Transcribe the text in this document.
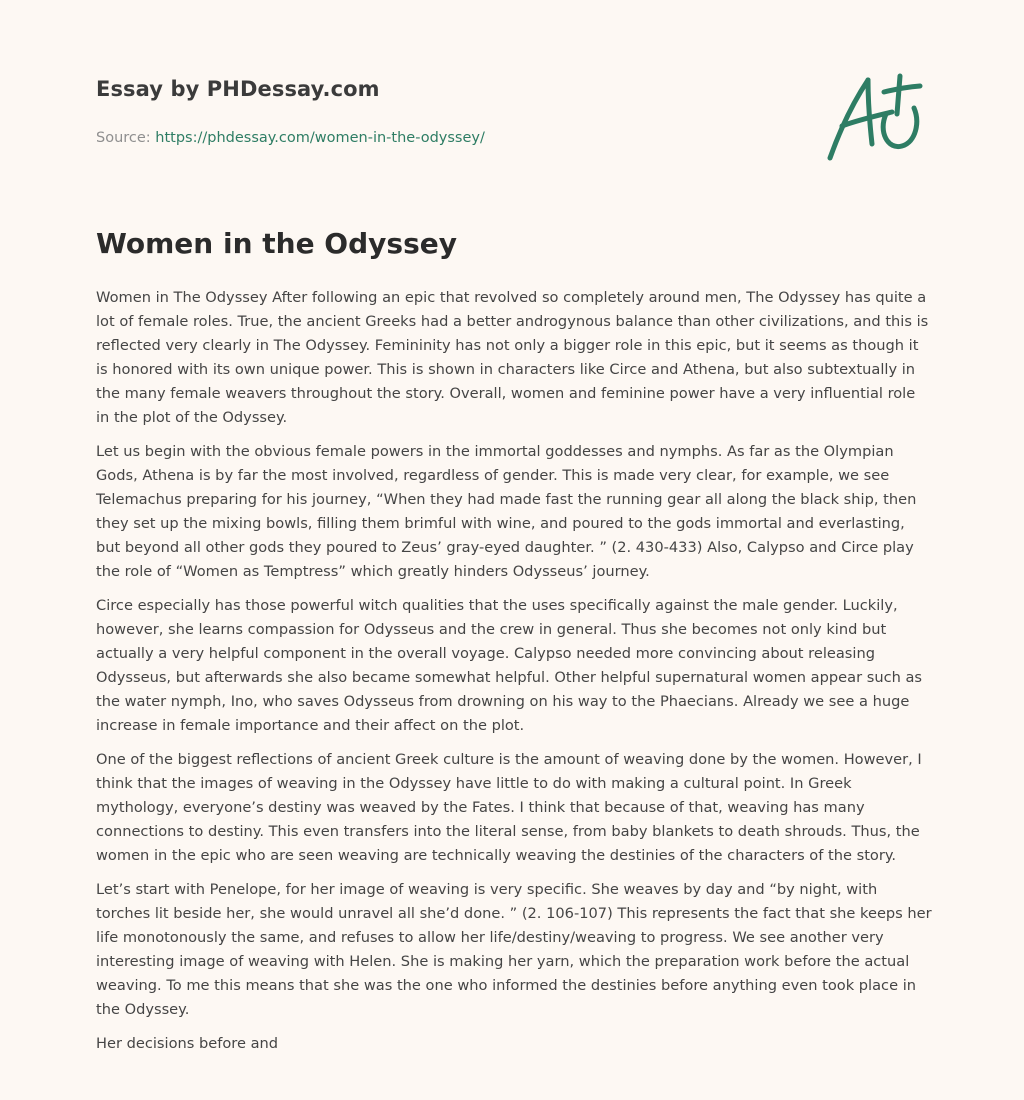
Essay by PHDessay.com
Source: https://phdessay.com/women-in-the-odyssey/
Women in the Odyssey

Women in The Odyssey After following an epic that revolved so completely around men, The Odyssey has quite a lot of female roles. True, the ancient Greeks had a better androgynous balance than other civilizations, and this is reflected very clearly in The Odyssey. Femininity has not only a bigger role in this epic, but it seems as though it is honored with its own unique power. This is shown in characters like Circe and Athena, but also subtextually in the many female weavers throughout the story. Overall, women and feminine power have a very influential role in the plot of the Odyssey.

Let us begin with the obvious female powers in the immortal goddesses and nymphs. As far as the Olympian Gods, Athena is by far the most involved, regardless of gender. This is made very clear, for example, we see Telemachus preparing for his journey, “When they had made fast the running gear all along the black ship, then they set up the mixing bowls, filling them brimful with wine, and poured to the gods immortal and everlasting, but beyond all other gods they poured to Zeus’ gray-eyed daughter. ” (2. 430-433) Also, Calypso and Circe play the role of “Women as Temptress” which greatly hinders Odysseus’ journey.

Circe especially has those powerful witch qualities that the uses specifically against the male gender. Luckily, however, she learns compassion for Odysseus and the crew in general. Thus she becomes not only kind but actually a very helpful component in the overall voyage. Calypso needed more convincing about releasing Odysseus, but afterwards she also became somewhat helpful. Other helpful supernatural women appear such as the water nymph, Ino, who saves Odysseus from drowning on his way to the Phaecians. Already we see a huge increase in female importance and their affect on the plot.

One of the biggest reflections of ancient Greek culture is the amount of weaving done by the women. However, I think that the images of weaving in the Odyssey have little to do with making a cultural point. In Greek mythology, everyone’s destiny was weaved by the Fates. I think that because of that, weaving has many connections to destiny. This even transfers into the literal sense, from baby blankets to death shrouds. Thus, the women in the epic who are seen weaving are technically weaving the destinies of the characters of the story.

Let’s start with Penelope, for her image of weaving is very specific. She weaves by day and “by night, with torches lit beside her, she would unravel all she’d done. ” (2. 106-107) This represents the fact that she keeps her life monotonously the same, and refuses to allow her life/destiny/weaving to progress. We see another very interesting image of weaving with Helen. She is making her yarn, which the preparation work before the actual weaving. To me this means that she was the one who informed the destinies before anything even took place in the Odyssey.

Her decisions before and
